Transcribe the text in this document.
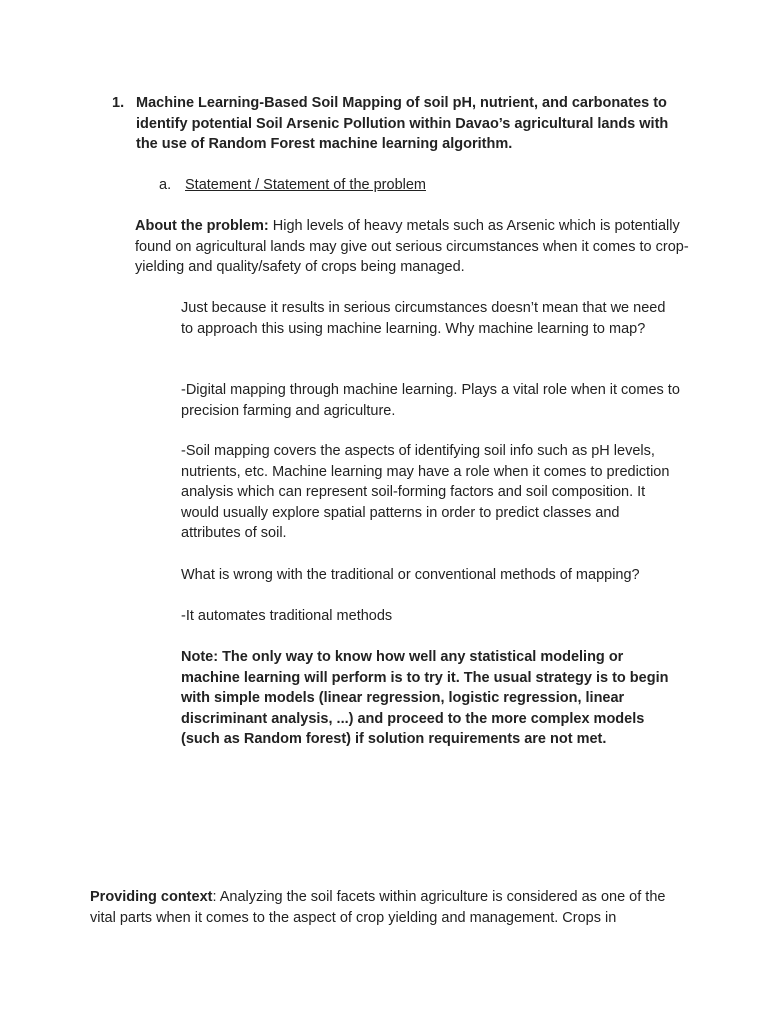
1. Machine Learning-Based Soil Mapping of soil pH, nutrient, and carbonates to identify potential Soil Arsenic Pollution within Davao’s agricultural lands with the use of Random Forest machine learning algorithm.
a. Statement / Statement of the problem

About the problem: High levels of heavy metals such as Arsenic which is potentially found on agricultural lands may give out serious circumstances when it comes to crop-yielding and quality/safety of crops being managed.

Just because it results in serious circumstances doesn’t mean that we need to approach this using machine learning. Why machine learning to map?

-Digital mapping through machine learning. Plays a vital role when it comes to precision farming and agriculture.

-Soil mapping covers the aspects of identifying soil info such as pH levels, nutrients, etc. Machine learning may have a role when it comes to prediction analysis which can represent soil-forming factors and soil composition. It would usually explore spatial patterns in order to predict classes and attributes of soil.

What is wrong with the traditional or conventional methods of mapping?

-It automates traditional methods

Note: The only way to know how well any statistical modeling or machine learning will perform is to try it. The usual strategy is to begin with simple models (linear regression, logistic regression, linear discriminant analysis, ...) and proceed to the more complex models (such as Random forest) if solution requirements are not met.

Providing context: Analyzing the soil facets within agriculture is considered as one of the vital parts when it comes to the aspect of crop yielding and management. Crops in
